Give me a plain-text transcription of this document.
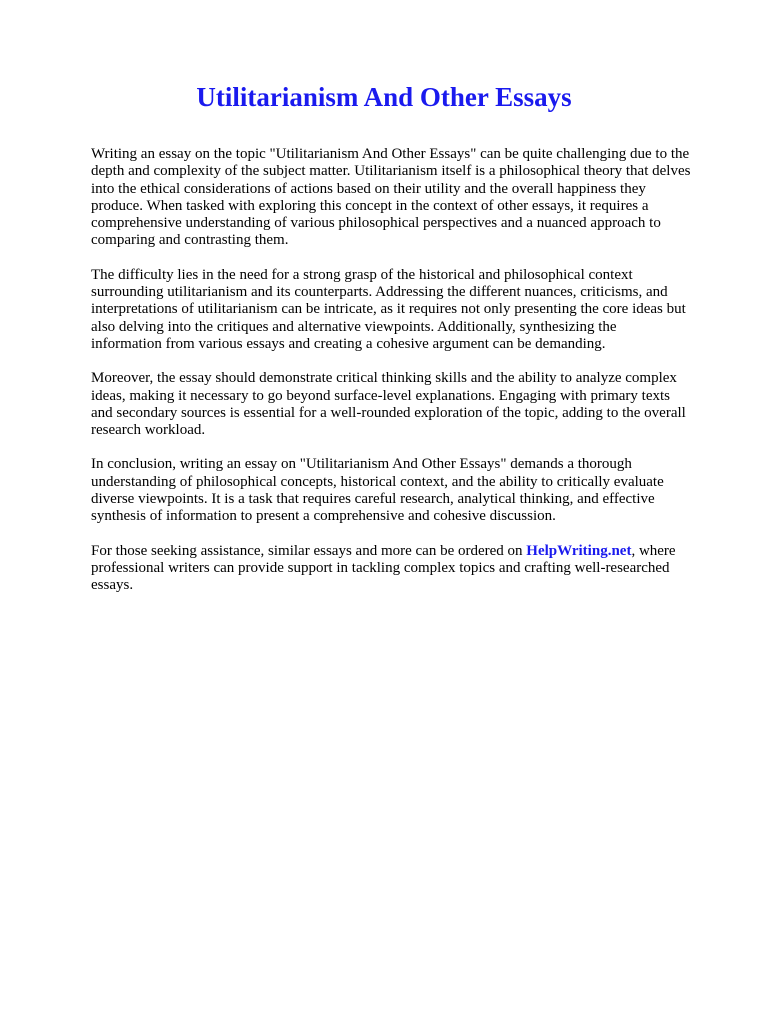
Utilitarianism And Other Essays

Writing an essay on the topic "Utilitarianism And Other Essays" can be quite challenging due to the depth and complexity of the subject matter. Utilitarianism itself is a philosophical theory that delves into the ethical considerations of actions based on their utility and the overall happiness they produce. When tasked with exploring this concept in the context of other essays, it requires a comprehensive understanding of various philosophical perspectives and a nuanced approach to comparing and contrasting them.

The difficulty lies in the need for a strong grasp of the historical and philosophical context surrounding utilitarianism and its counterparts. Addressing the different nuances, criticisms, and interpretations of utilitarianism can be intricate, as it requires not only presenting the core ideas but also delving into the critiques and alternative viewpoints. Additionally, synthesizing the information from various essays and creating a cohesive argument can be demanding.

Moreover, the essay should demonstrate critical thinking skills and the ability to analyze complex ideas, making it necessary to go beyond surface-level explanations. Engaging with primary texts and secondary sources is essential for a well-rounded exploration of the topic, adding to the overall research workload.

In conclusion, writing an essay on "Utilitarianism And Other Essays" demands a thorough understanding of philosophical concepts, historical context, and the ability to critically evaluate diverse viewpoints. It is a task that requires careful research, analytical thinking, and effective synthesis of information to present a comprehensive and cohesive discussion.

For those seeking assistance, similar essays and more can be ordered on HelpWriting.net, where professional writers can provide support in tackling complex topics and crafting well-researched essays.
